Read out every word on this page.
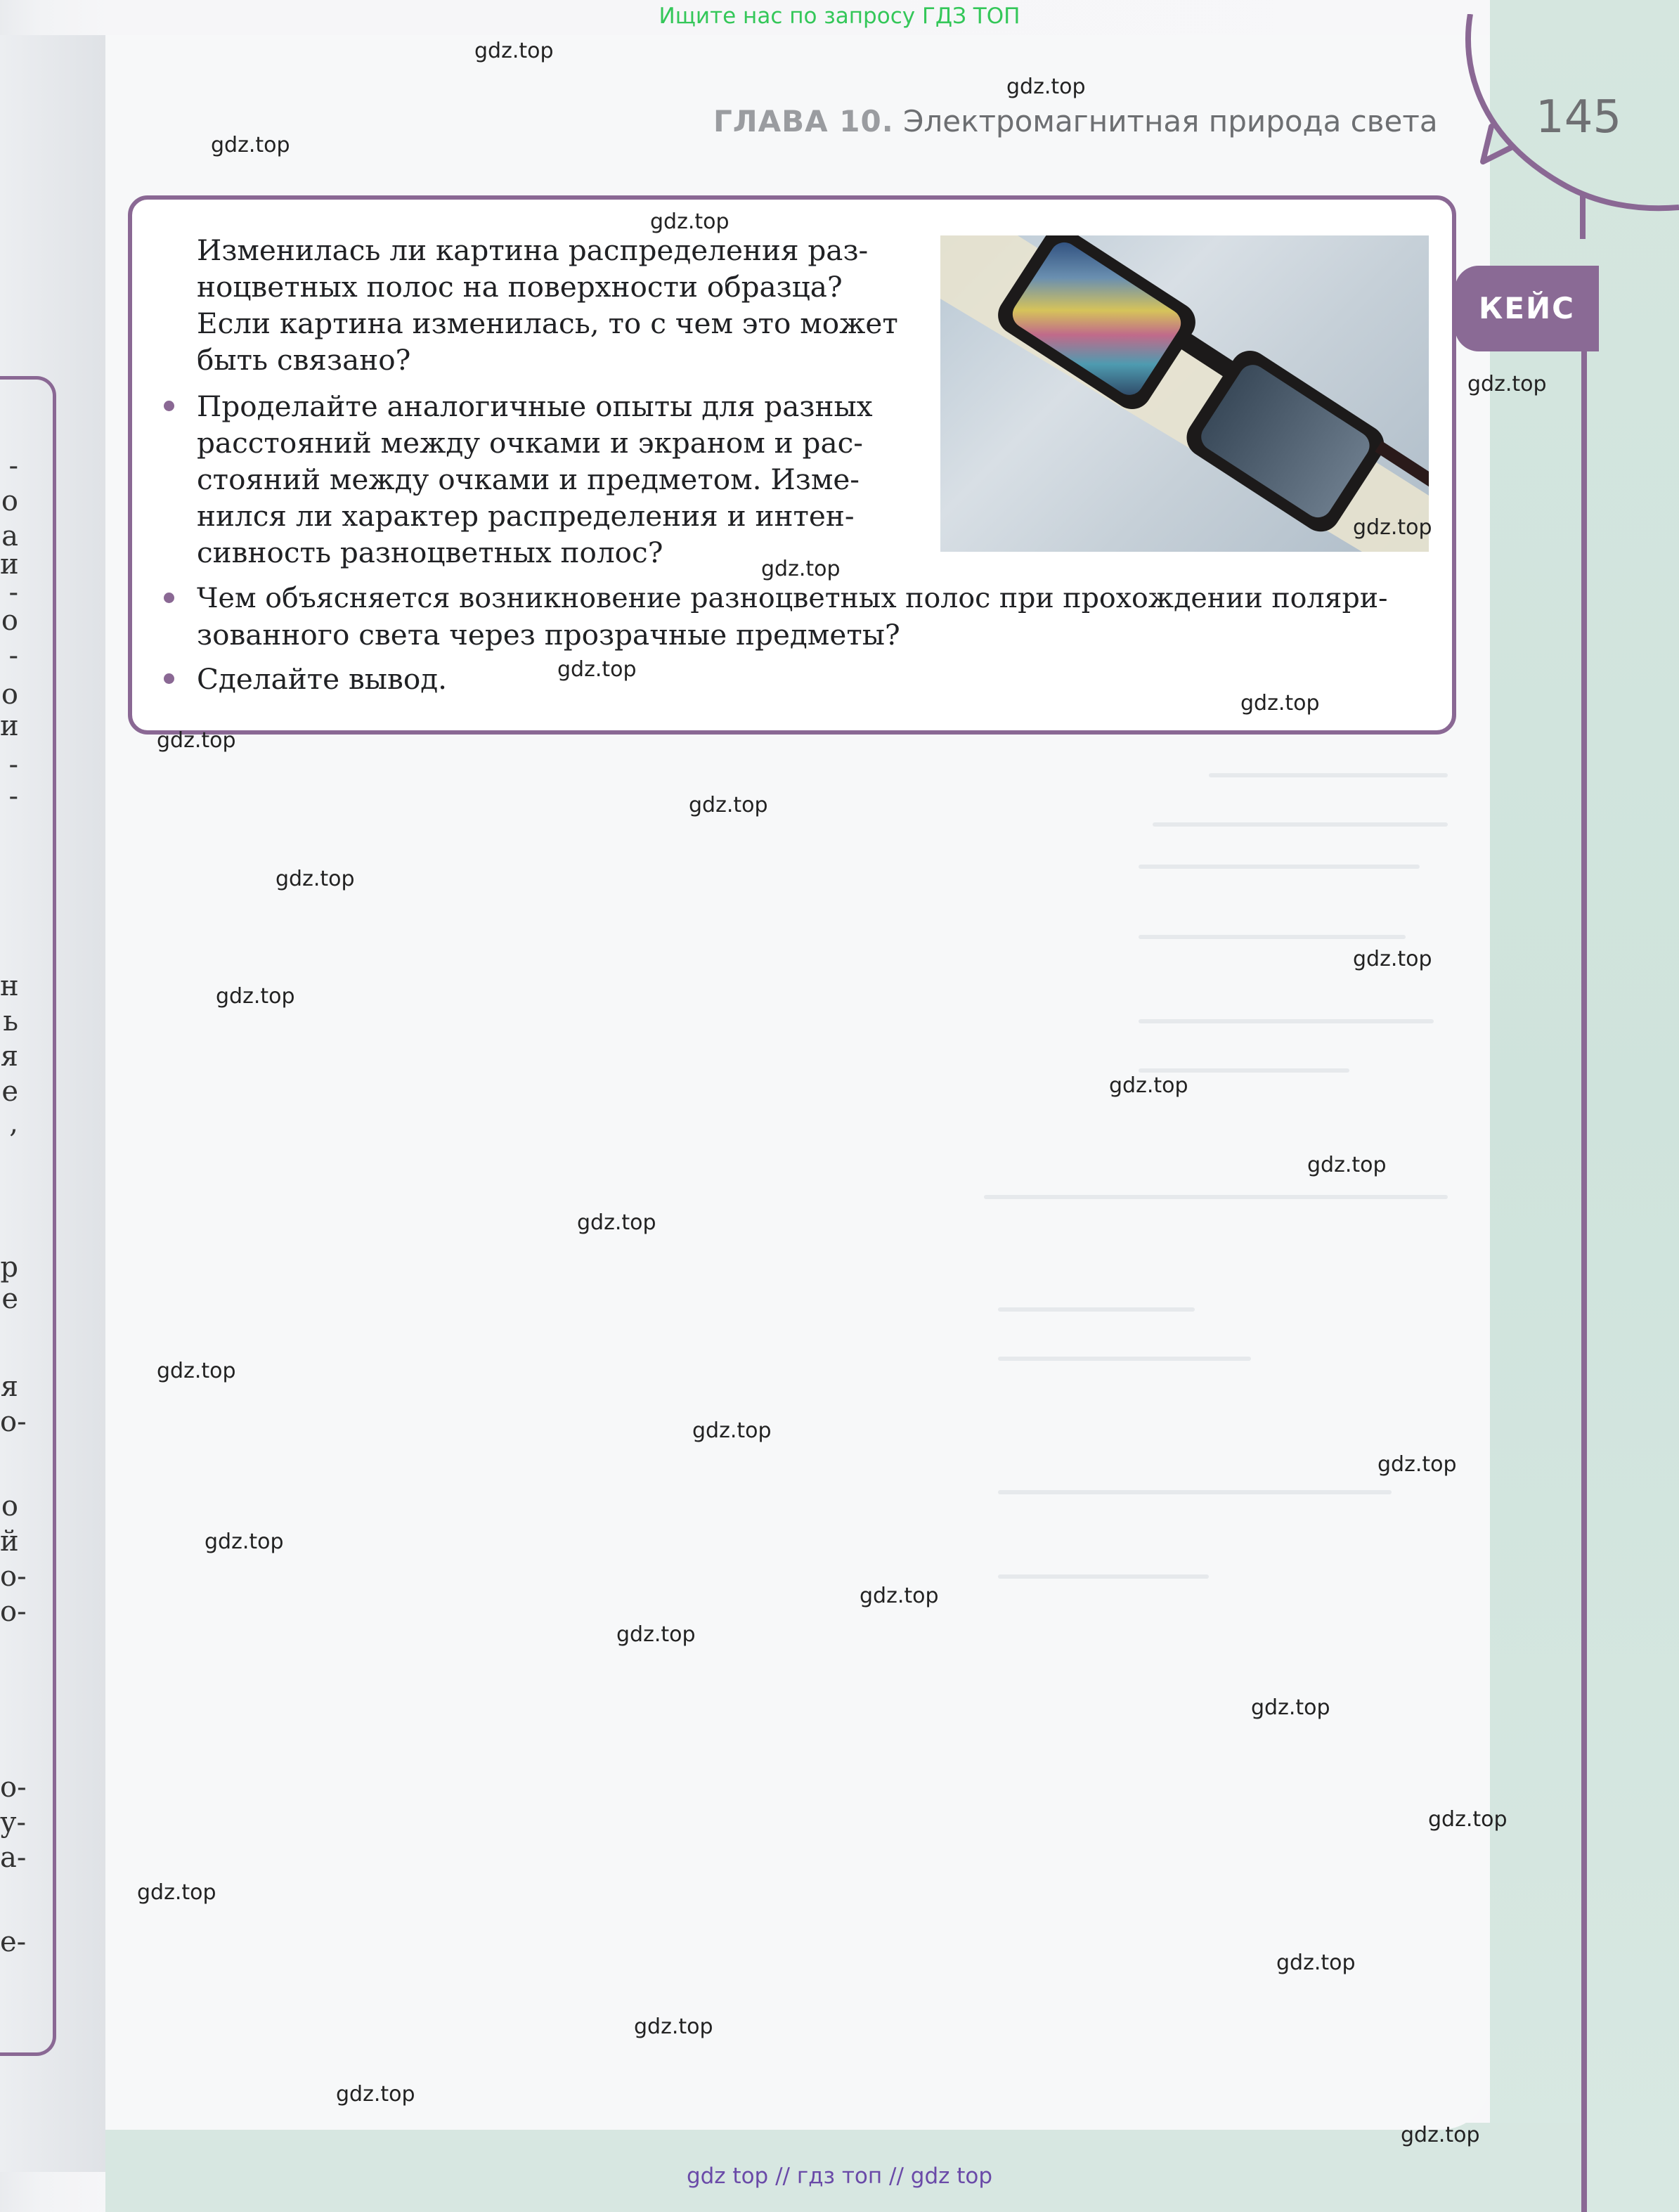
Ищите нас по запросу ГДЗ ТОП
ГЛАВА 10. Электромагнитная природа света 145
КЕЙС
Изменилась ли картина распределения раз-
ноцветных полос на поверхности образца?
Если картина изменилась, то с чем это может
быть связано?
Проделайте аналогичные опыты для разных
расстояний между очками и экраном и рас-
стояний между очками и предметом. Изме-
нился ли характер распределения и интен-
сивность разноцветных полос?
Чем объясняется возникновение разноцветных полос при прохождении поляри-
зованного света через прозрачные предметы?
Сделайте вывод.
gdz.top
gdz.top
gdz.top
gdz.top
gdz.top
gdz.top
gdz.top
gdz.top
gdz.top
gdz.top
gdz.top
gdz.top
gdz.top
gdz.top
gdz.top
gdz.top
gdz.top
gdz.top
gdz.top
gdz.top
gdz.top
gdz.top
gdz.top
gdz.top
gdz.top
gdz.top
gdz.top
gdz.top
gdz.top
gdz.top
gdz top // гдз топ // gdz top
-
о
а
и
-
о
-
о
и
-
-
н
ь
я
е
,
р
е
я
о-
о
й
о-
о-
о-
у-
а-
е-
